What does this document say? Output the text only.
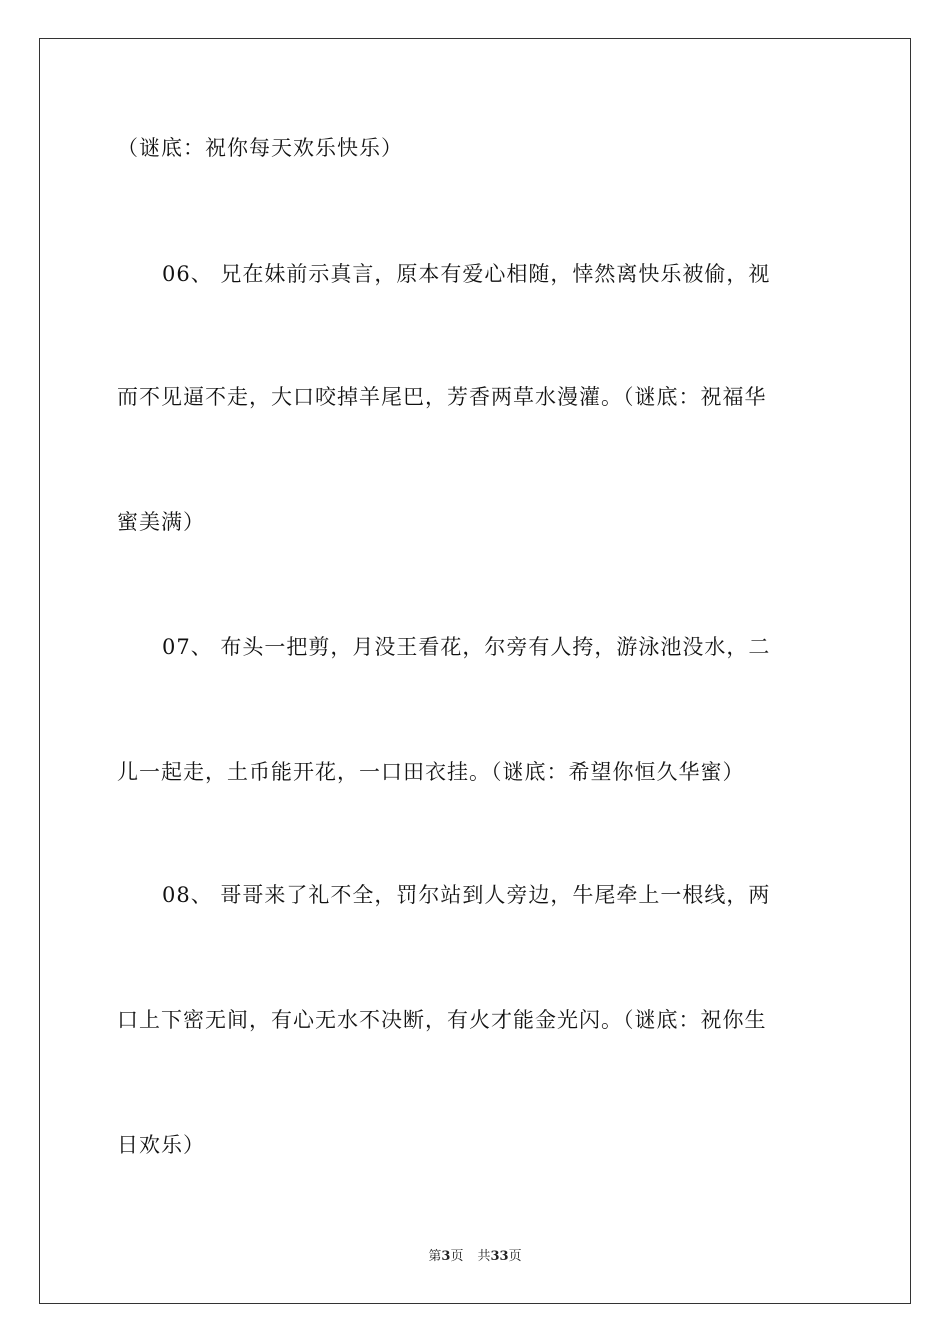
（谜底：祝你每天欢乐快乐）
06、 兄在妹前示真言，原本有爱心相随，悻然离快乐被偷，视
而不见逼不走，大口咬掉羊尾巴，芳香两草水漫灌。（谜底：祝福华
蜜美满）
07、 布头一把剪，月没王看花，尔旁有人挎，游泳池没水，二
儿一起走，土币能开花，一口田衣挂。（谜底：希望你恒久华蜜）
08、 哥哥来了礼不全，罚尔站到人旁边，牛尾牵上一根线，两
口上下密无间，有心无水不决断，有火才能金光闪。（谜底：祝你生
日欢乐）
第3页 共33页
